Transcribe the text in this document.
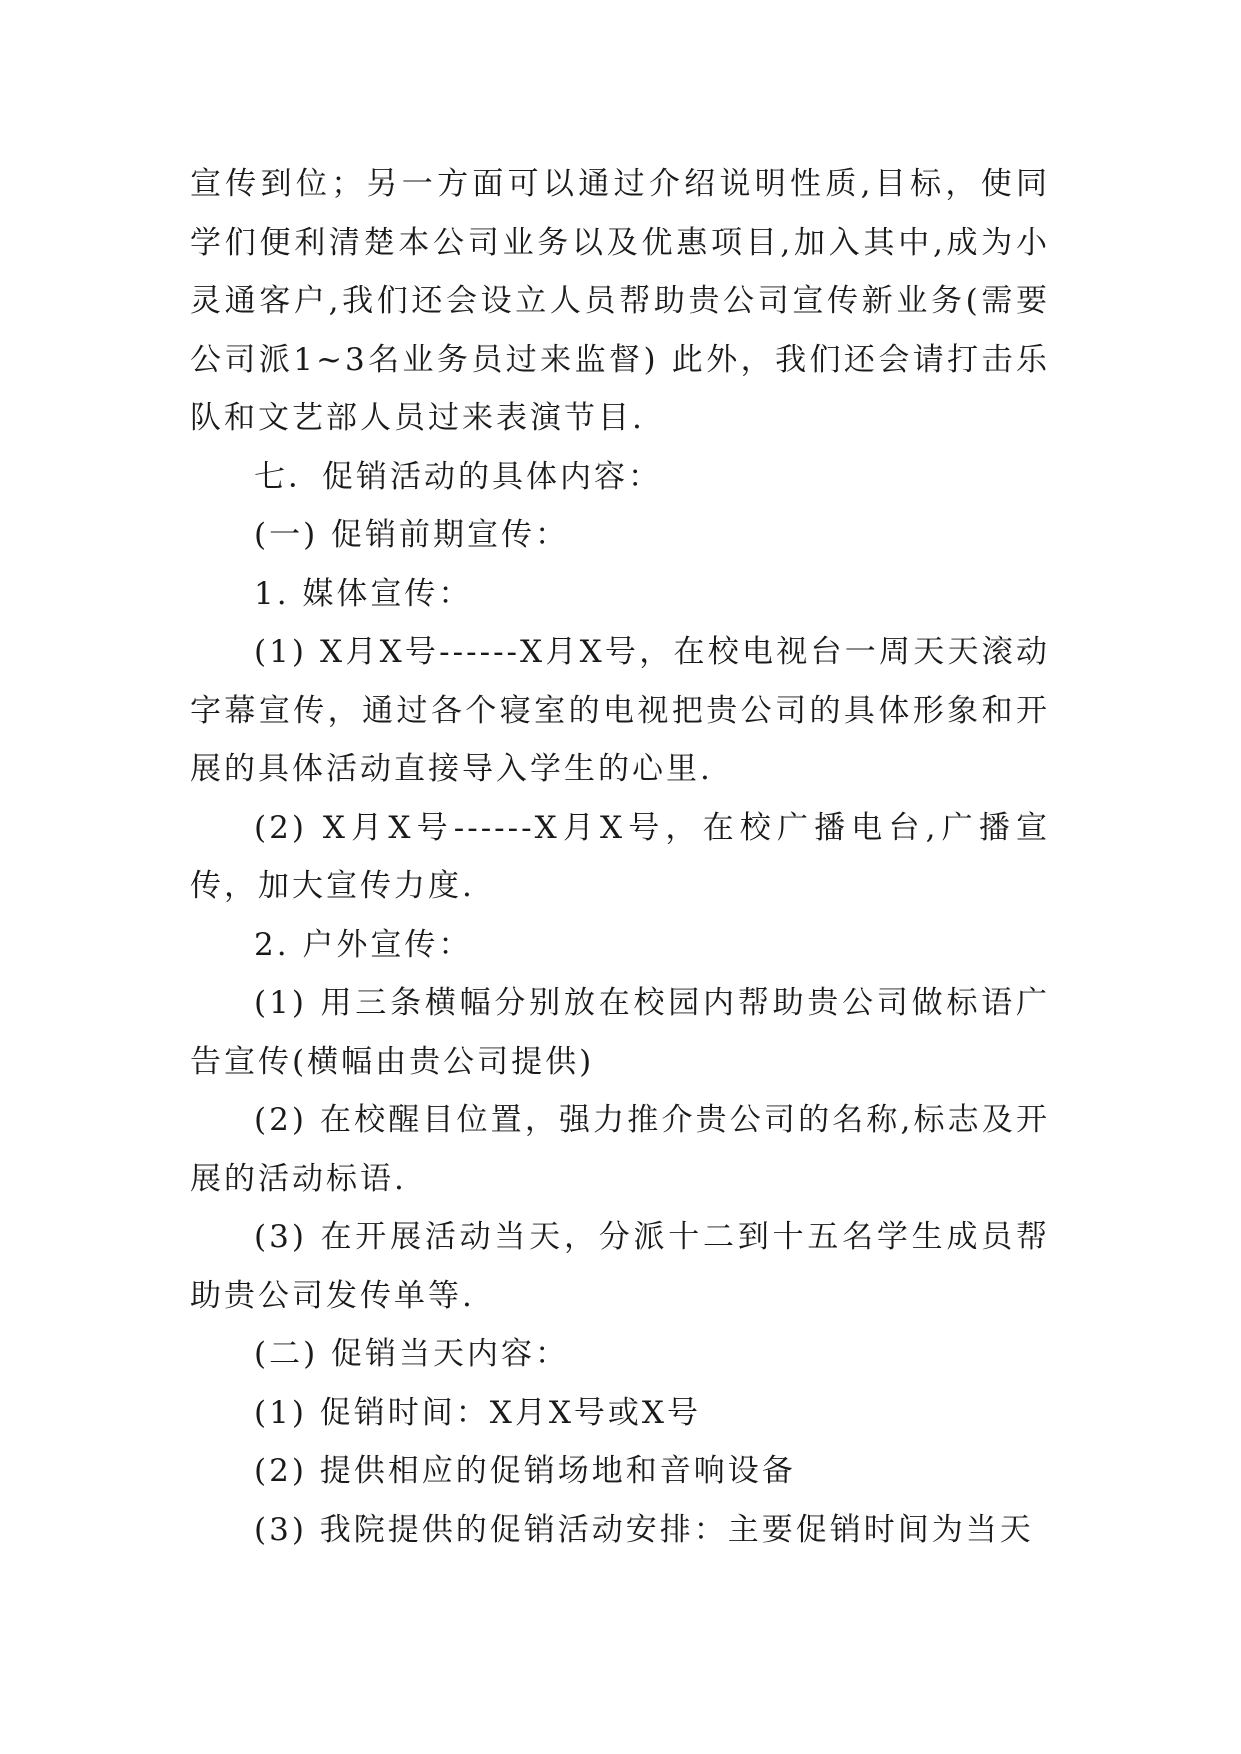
宣传到位；另一方面可以通过介绍说明性质,目标，使同学们便利清楚本公司业务以及优惠项目,加入其中,成为小灵通客户,我们还会设立人员帮助贵公司宣传新业务(需要公司派1~3名业务员过来监督) 此外，我们还会请打击乐队和文艺部人员过来表演节目.

七．促销活动的具体内容：

(一) 促销前期宣传：

1. 媒体宣传：

(1) X月X号------X月X号，在校电视台一周天天滚动字幕宣传，通过各个寝室的电视把贵公司的具体形象和开展的具体活动直接导入学生的心里.

(2) X月X号------X月X号，在校广播电台,广播宣传，加大宣传力度.

2. 户外宣传：

(1) 用三条横幅分别放在校园内帮助贵公司做标语广告宣传(横幅由贵公司提供)

(2) 在校醒目位置，强力推介贵公司的名称,标志及开展的活动标语.

(3) 在开展活动当天，分派十二到十五名学生成员帮助贵公司发传单等.

(二) 促销当天内容：

(1) 促销时间：X月X号或X号

(2) 提供相应的促销场地和音响设备

(3) 我院提供的促销活动安排：主要促销时间为当天
